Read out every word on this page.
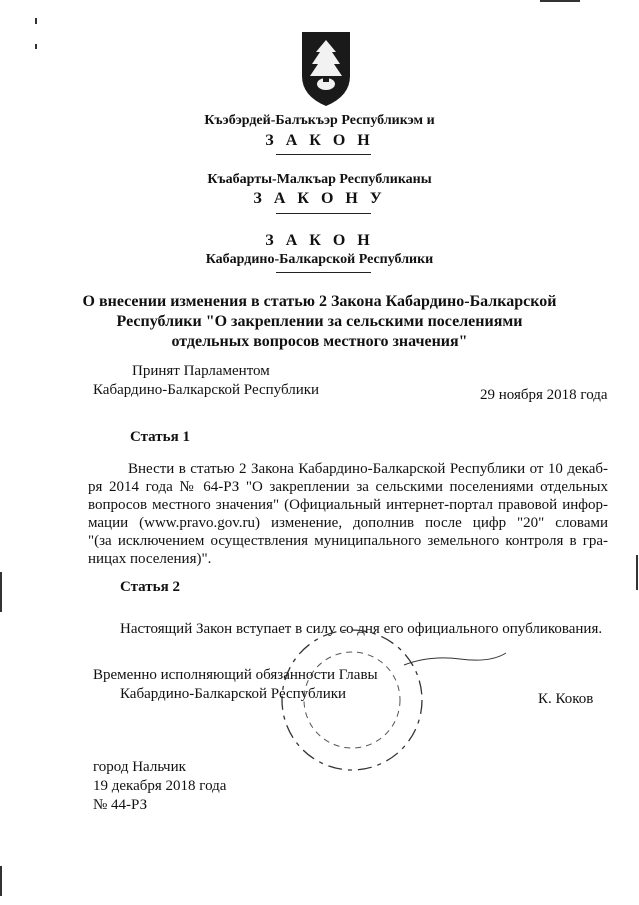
Къэбэрдей-Балъкъэр Республикэм и
З А К О Н
Къабарты-Малкъар Республиканы
З А К О Н У
З А К О Н
Кабардино-Балкарской Республики
О внесении изменения в статью 2 Закона Кабардино-Балкарской
Республики "О закреплении за сельскими поселениями
отдельных вопросов местного значения"
Принят Парламентом
Кабардино-Балкарской Республики	29 ноября 2018 года
Статья 1
Внести в статью 2 Закона Кабардино-Балкарской Республики от 10 декаб-
ря 2014 года № 64-РЗ "О закреплении за сельскими поселениями отдельных
вопросов местного значения" (Официальный интернет-портал правовой инфор-
мации (www.pravo.gov.ru) изменение, дополнив после цифр "20" словами
"(за исключением осуществления муниципального земельного контроля в гра-
ницах поселения)".
Статья 2
Настоящий Закон вступает в силу со дня его официального опубликования.
Временно исполняющий обязанности Главы
Кабардино-Балкарской Республики	К. Коков
город Нальчик
19 декабря 2018 года
№ 44-РЗ
